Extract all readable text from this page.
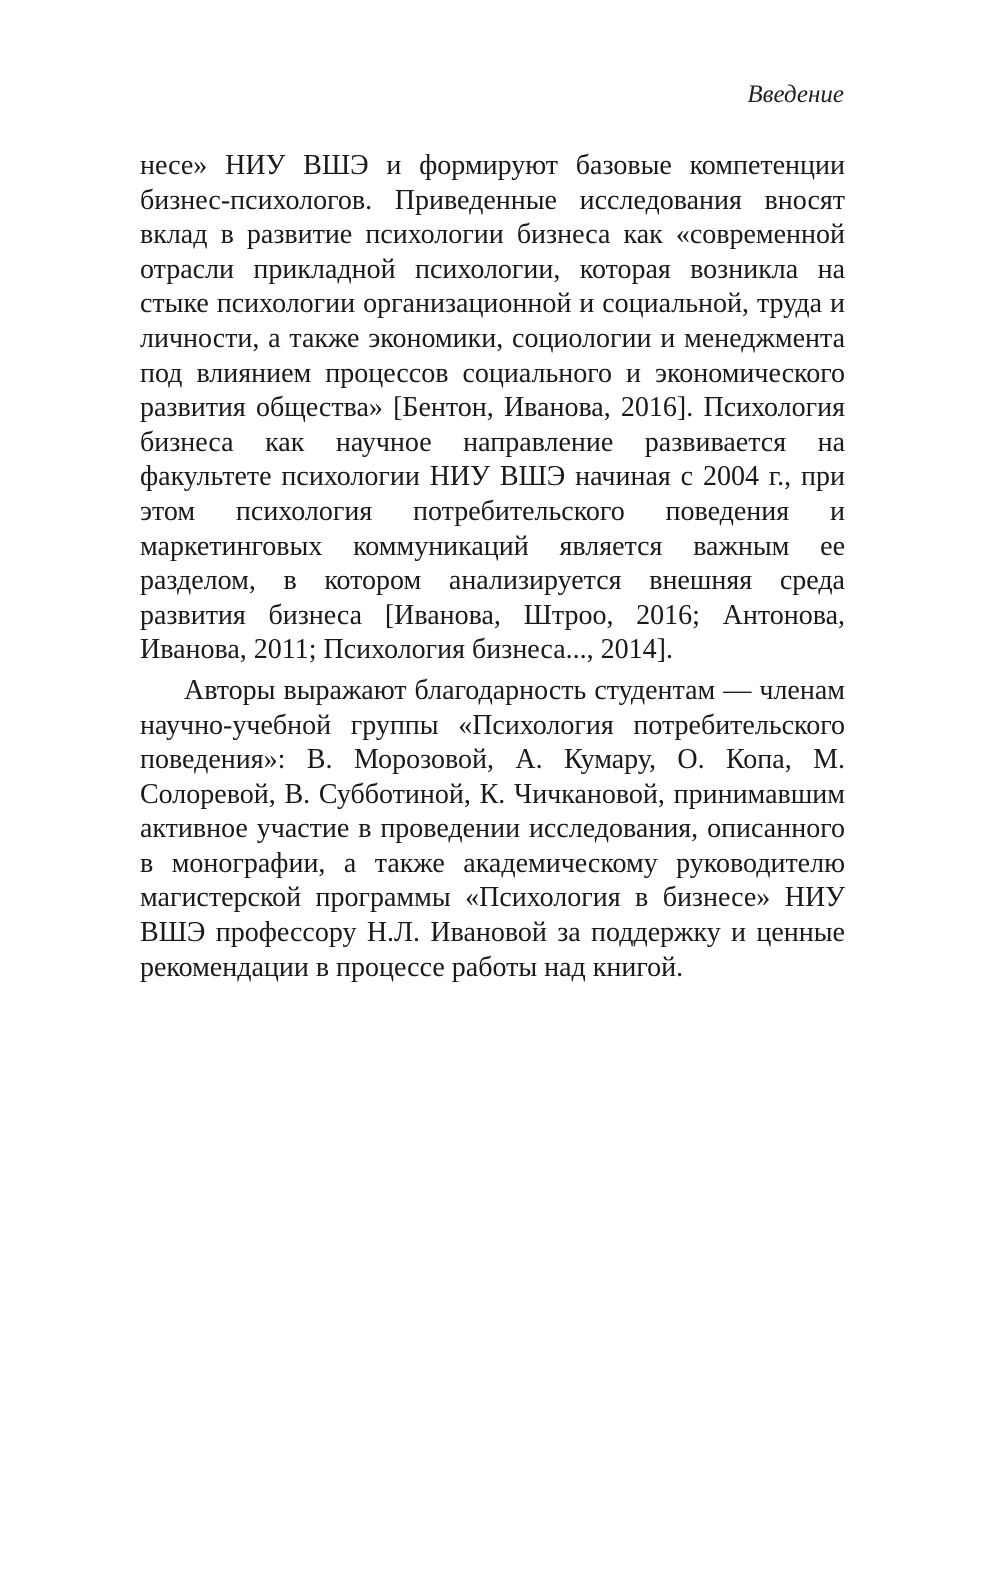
Введение

несе» НИУ ВШЭ и формируют базовые компетенции бизнес-психологов. Приведенные исследования вносят вклад в развитие психологии бизнеса как «современной отрасли прикладной психологии, которая возникла на стыке психологии организационной и социальной, труда и личности, а также экономики, социологии и менеджмента под влиянием процессов социального и экономического развития общества» [Бентон, Иванова, 2016]. Психология бизнеса как научное направление развивается на факультете психологии НИУ ВШЭ начиная с 2004 г., при этом психология потребительского поведения и маркетинговых коммуникаций является важным ее разделом, в котором анализируется внешняя среда развития бизнеса [Иванова, Штроо, 2016; Антонова, Иванова, 2011; Психология бизнеса..., 2014].

Авторы выражают благодарность студентам — членам научно-учебной группы «Психология потребительского поведения»: В. Морозовой, А. Кумару, О. Копа, М. Солоревой, В. Субботиной, К. Чичкановой, принимавшим активное участие в проведении исследования, описанного в монографии, а также академическому руководителю магистерской программы «Психология в бизнесе» НИУ ВШЭ профессору Н.Л. Ивановой за поддержку и ценные рекомендации в процессе работы над книгой.
